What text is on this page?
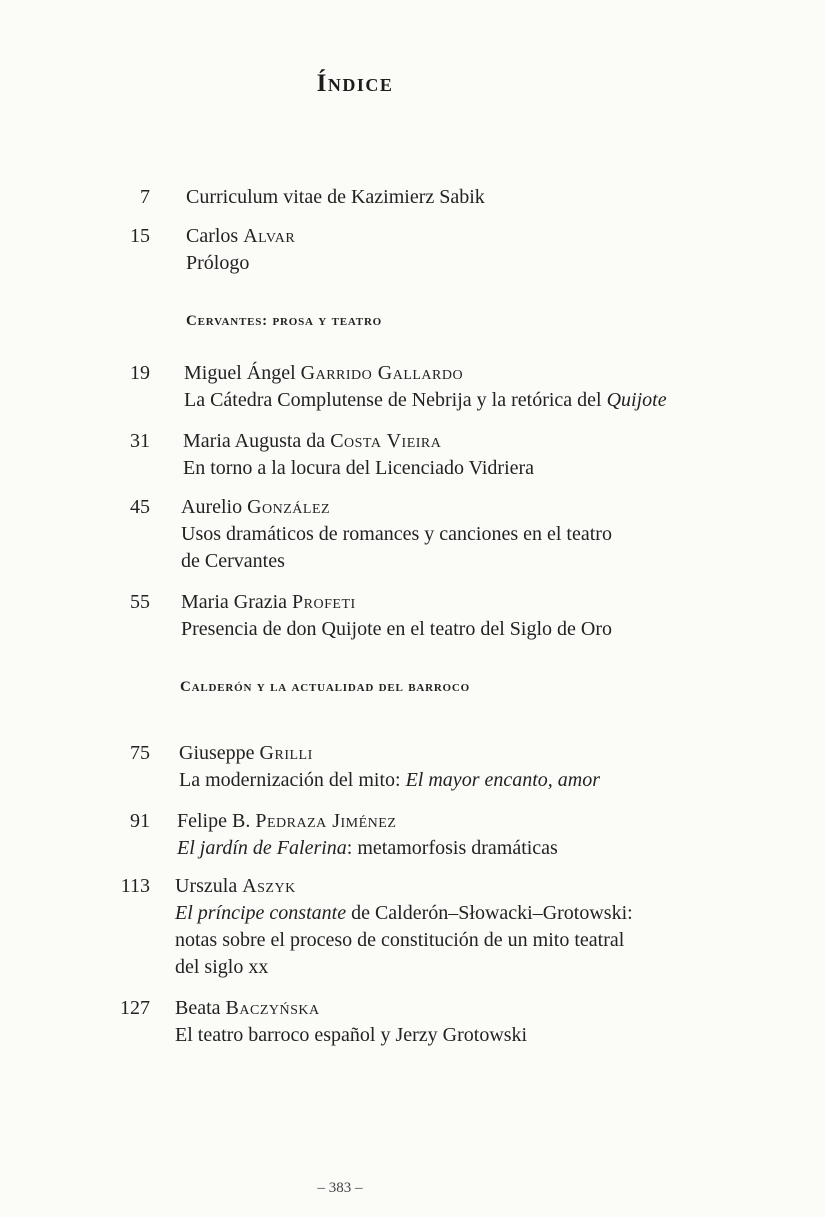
Índice
7 Curriculum vitae de Kazimierz Sabik
15 Carlos Alvar
Prólogo
Cervantes: prosa y teatro
19 Miguel Ángel Garrido Gallardo
La Cátedra Complutense de Nebrija y la retórica del Quijote
31 Maria Augusta da Costa Vieira
En torno a la locura del Licenciado Vidriera
45 Aurelio González
Usos dramáticos de romances y canciones en el teatro
de Cervantes
55 Maria Grazia Profeti
Presencia de don Quijote en el teatro del Siglo de Oro
Calderón y la actualidad del barroco
75 Giuseppe Grilli
La modernización del mito: El mayor encanto, amor
91 Felipe B. Pedraza Jiménez
El jardín de Falerina: metamorfosis dramáticas
113 Urszula Aszyk
El príncipe constante de Calderón–Słowacki–Grotowski:
notas sobre el proceso de constitución de un mito teatral
del siglo xx
127 Beata Baczyńska
El teatro barroco español y Jerzy Grotowski
– 383 –
